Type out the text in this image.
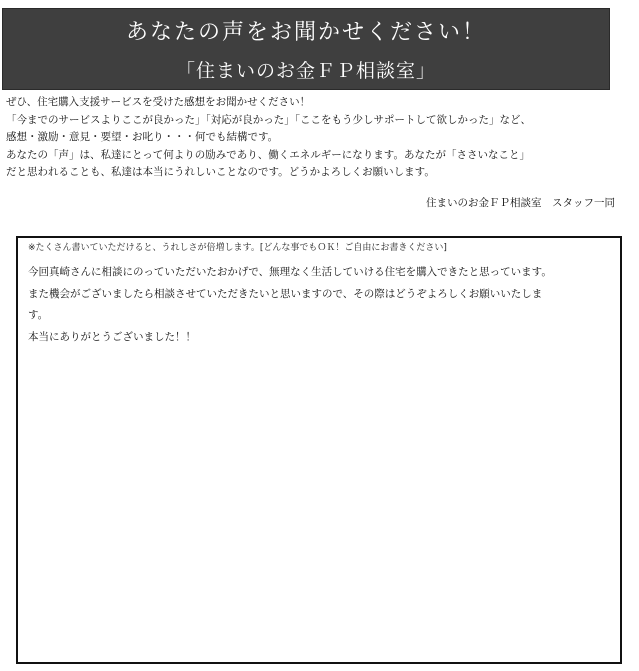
あなたの声をお聞かせください！
「住まいのお金ＦＰ相談室」
ぜひ、住宅購入支援サービスを受けた感想をお聞かせください！
「今までのサービスよりここが良かった」「対応が良かった」「ここをもう少しサポートして欲しかった」など、
感想・激励・意見・要望・お叱り・・・何でも結構です。
あなたの「声」は、私達にとって何よりの励みであり、働くエネルギーになります。あなたが「ささいなこと」
だと思われることも、私達は本当にうれしいことなのです。どうかよろしくお願いします。
住まいのお金ＦＰ相談室　スタッフ一同
※たくさん書いていただけると、うれしさが倍増します。[どんな事でもＯＫ！ご自由にお書きください]
今回真崎さんに相談にのっていただいたおかげで、無理なく生活していける住宅を購入できたと思っています。
また機会がございましたら相談させていただきたいと思いますので、その際はどうぞよろしくお願いいたしま
す。
本当にありがとうございました！！
